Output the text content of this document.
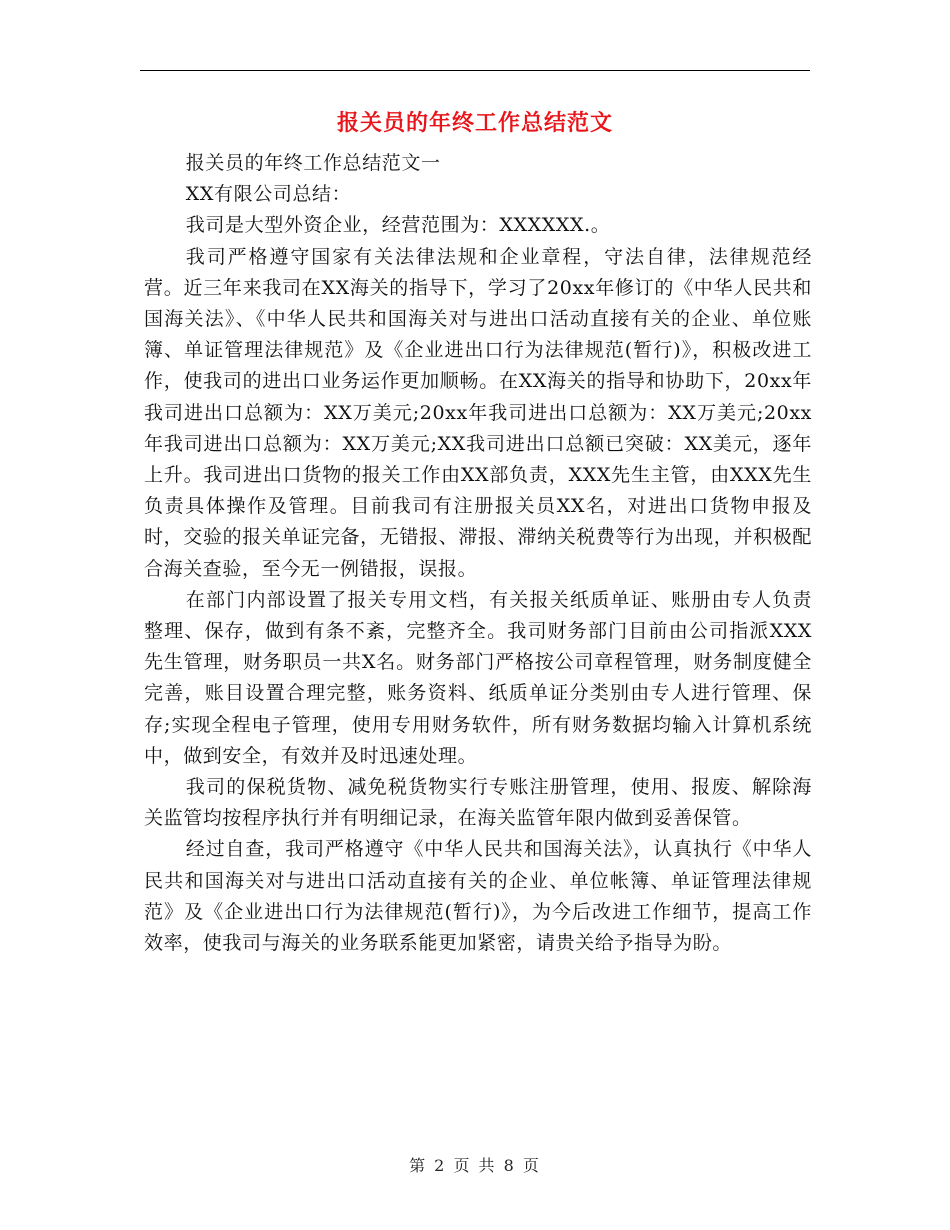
报关员的年终工作总结范文

报关员的年终工作总结范文一

XX有限公司总结：

我司是大型外资企业，经营范围为：XXXXXX.。

我司严格遵守国家有关法律法规和企业章程，守法自律，法律规范经营。近三年来我司在XX海关的指导下，学习了20xx年修订的《中华人民共和国海关法》、《中华人民共和国海关对与进出口活动直接有关的企业、单位账簿、单证管理法律规范》及《企业进出口行为法律规范(暂行)》，积极改进工作，使我司的进出口业务运作更加顺畅。在XX海关的指导和协助下，20xx年我司进出口总额为：XX万美元;20xx年我司进出口总额为：XX万美元;20xx年我司进出口总额为：XX万美元;XX我司进出口总额已突破：XX美元，逐年上升。我司进出口货物的报关工作由XX部负责，XXX先生主管，由XXX先生负责具体操作及管理。目前我司有注册报关员XX名，对进出口货物申报及时，交验的报关单证完备，无错报、滞报、滞纳关税费等行为出现，并积极配合海关查验，至今无一例错报，误报。

在部门内部设置了报关专用文档，有关报关纸质单证、账册由专人负责整理、保存，做到有条不紊，完整齐全。我司财务部门目前由公司指派XXX先生管理，财务职员一共X名。财务部门严格按公司章程管理，财务制度健全完善，账目设置合理完整，账务资料、纸质单证分类别由专人进行管理、保存;实现全程电子管理，使用专用财务软件，所有财务数据均输入计算机系统中，做到安全，有效并及时迅速处理。

我司的保税货物、减免税货物实行专账注册管理，使用、报废、解除海关监管均按程序执行并有明细记录，在海关监管年限内做到妥善保管。

经过自查，我司严格遵守《中华人民共和国海关法》，认真执行《中华人民共和国海关对与进出口活动直接有关的企业、单位帐簿、单证管理法律规范》及《企业进出口行为法律规范(暂行)》，为今后改进工作细节，提高工作效率，使我司与海关的业务联系能更加紧密，请贵关给予指导为盼。

第 2 页 共 8 页
